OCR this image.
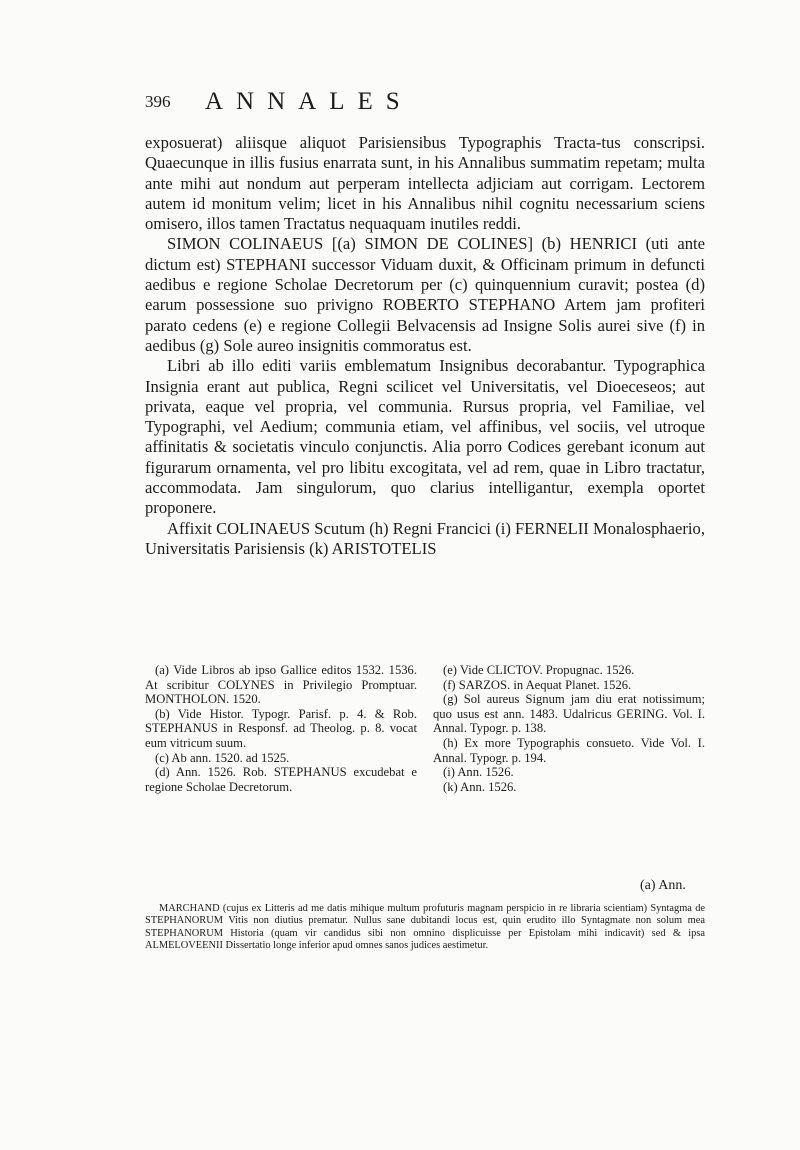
396 ANNALES

exposuerat) aliisque aliquot Parisiensibus Typographis Tracta-tus conscripsi. Quaecunque in illis fusius enarrata sunt, in his Annalibus summatim repetam; multa ante mihi aut nondum aut perperam intellecta adjiciam aut corrigam. Lectorem autem id monitum velim; licet in his Annalibus nihil cognitu necessarium sciens omisero, illos tamen Tractatus nequaquam inutiles reddi.

SIMON COLINAEUS [(a) SIMON DE COLINES] (b) HENRICI (uti ante dictum est) STEPHANI successor Viduam duxit, & Officinam primum in defuncti aedibus e regione Scholae Decretorum per (c) quinquennium curavit; postea (d) earum possessione suo privigno ROBERTO STEPHANO Artem jam profiteri parato cedens (e) e regione Collegii Belvacensis ad Insigne Solis aurei sive (f) in aedibus (g) Sole aureo insignitis commoratus est.

Libri ab illo editi variis emblematum Insignibus decorabantur. Typographica Insignia erant aut publica, Regni scilicet vel Universitatis, vel Dioeceseos; aut privata, eaque vel propria, vel communia. Rursus propria, vel Familiae, vel Typographi, vel Aedium; communia etiam, vel affinibus, vel sociis, vel utroque affinitatis & societatis vinculo conjunctis. Alia porro Codices gerebant iconum aut figurarum ornamenta, vel pro libitu excogitata, vel ad rem, quae in Libro tractatur, accommodata. Jam singulorum, quo clarius intelligantur, exempla oportet proponere.

Affixit COLINAEUS Scutum (h) Regni Francici (i) FERNELII Monalosphaerio, Universitatis Parisiensis (k) ARISTOTELIS

(a) Vide Libros ab ipso Gallice editos 1532. 1536. At scribitur COLYNES in Privilegio Promptuar. MONTHOLON. 1520.

(b) Vide Histor. Typogr. Parisf. p. 4. & Rob. STEPHANUS in Responsf. ad Theolog. p. 8. vocat eum vitricum suum.

(c) Ab ann. 1520. ad 1525.

(d) Ann. 1526. Rob. STEPHANUS excudebat e regione Scholae Decretorum.

(e) Vide CLICTOV. Propugnac. 1526.

(f) SARZOS. in Aequat Planet. 1526.

(g) Sol aureus Signum jam diu erat notissimum; quo usus est ann. 1483. Udalricus GERING. Vol. I. Annal. Typogr. p. 138.

(h) Ex more Typographis consueto. Vide Vol. I. Annal. Typogr. p. 194.

(i) Ann. 1526.

(k) Ann. 1526.

(a) Ann.

MARCHAND (cujus ex Litteris ad me datis mihique multum profuturis magnam perspicio in re libraria scientiam) Syntagma de STEPHANORUM Vitis non diutius prematur. Nullus sane dubitandi locus est, quin erudito illo Syntagmate non solum mea STEPHANORUM Historia (quam vir candidus sibi non omnino displicuisse per Epistolam mihi indicavit) sed & ipsa ALMELOVEENII Dissertatio longe inferior apud omnes sanos judices aestimetur.
